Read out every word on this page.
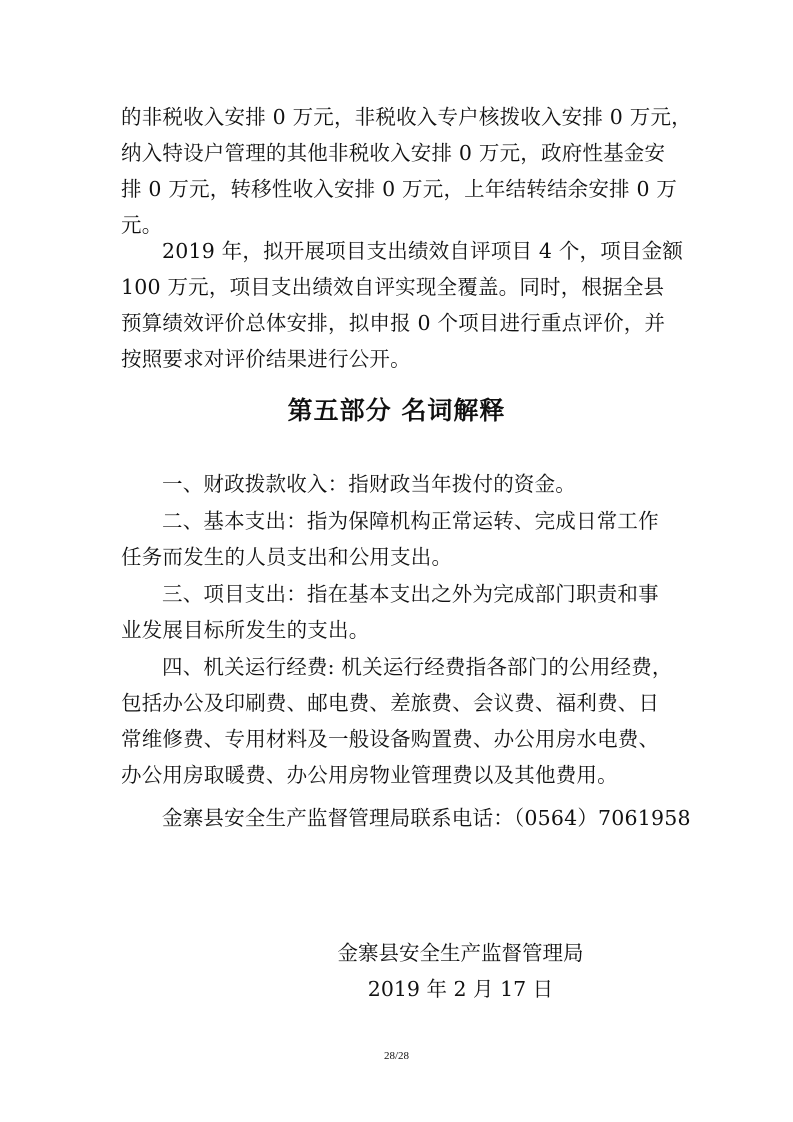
的非税收入安排 0 万元，非税收入专户核拨收入安排 0 万元，
纳入特设户管理的其他非税收入安排 0 万元，政府性基金安
排 0 万元，转移性收入安排 0 万元，上年结转结余安排 0 万
元。
2019 年，拟开展项目支出绩效自评项目 4 个，项目金额
100 万元，项目支出绩效自评实现全覆盖。同时，根据全县
预算绩效评价总体安排，拟申报 0 个项目进行重点评价，并
按照要求对评价结果进行公开。
第五部分 名词解释
一、财政拨款收入：指财政当年拨付的资金。
二、基本支出：指为保障机构正常运转、完成日常工作
任务而发生的人员支出和公用支出。
三、项目支出：指在基本支出之外为完成部门职责和事
业发展目标所发生的支出。
四、机关运行经费: 机关运行经费指各部门的公用经费，
包括办公及印刷费、邮电费、差旅费、会议费、福利费、日
常维修费、专用材料及一般设备购置费、办公用房水电费、
办公用房取暖费、办公用房物业管理费以及其他费用。
金寨县安全生产监督管理局联系电话：（0564）7061958
金寨县安全生产监督管理局
2019 年 2 月 17 日
28/28
